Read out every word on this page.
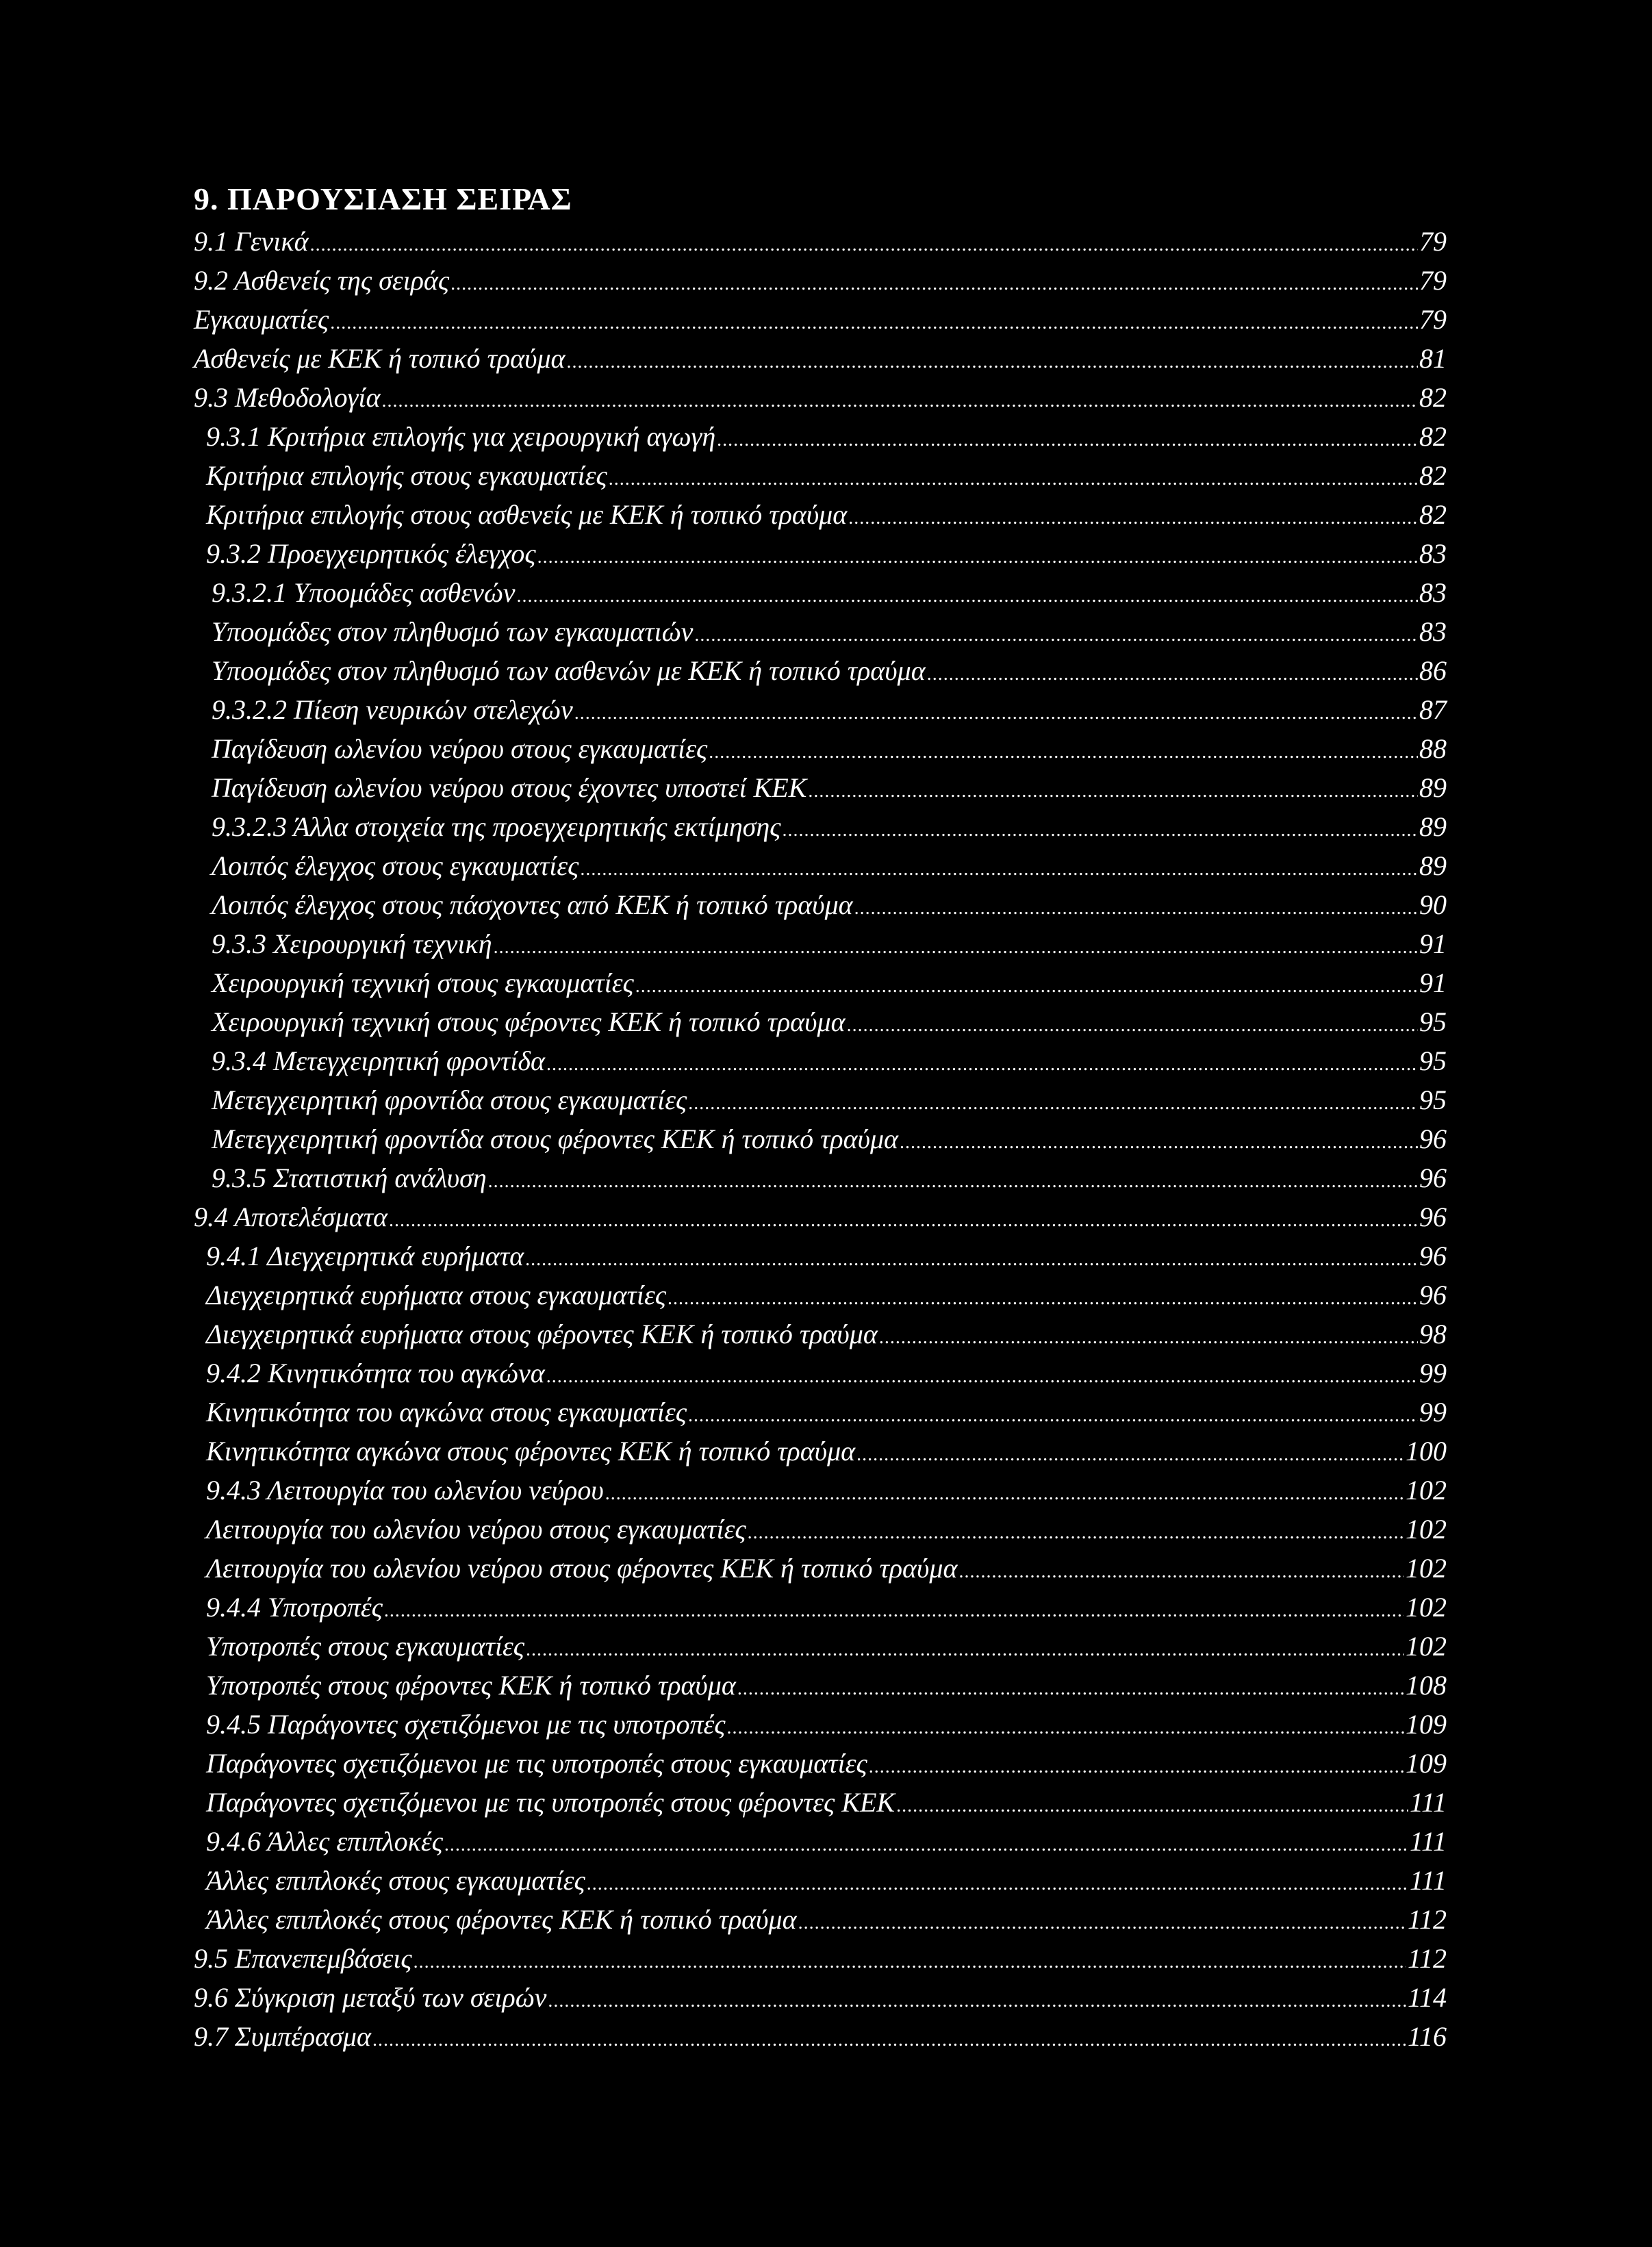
9. ΠΑΡΟΥΣΙΑΣΗ ΣΕΙΡΑΣ
9.1 Γενικά .....	79
9.2 Ασθενείς της σειράς .....	79
Εγκαυματίες .....	79
Ασθενείς με ΚΕΚ ή τοπικό τραύμα .....	81
9.3 Μεθοδολογία .....	82
9.3.1 Κριτήρια επιλογής για χειρουργική αγωγή .....	82
Κριτήρια επιλογής στους εγκαυματίες .....	82
Κριτήρια επιλογής στους ασθενείς με ΚΕΚ ή τοπικό τραύμα .....	82
9.3.2 Προεγχειρητικός έλεγχος .....	83
9.3.2.1 Υποομάδες ασθενών .....	83
Υποομάδες στον πληθυσμό των εγκαυματιών .....	83
Υποομάδες στον πληθυσμό των ασθενών με ΚΕΚ ή τοπικό τραύμα .....	86
9.3.2.2 Πίεση νευρικών στελεχών .....	87
Παγίδευση ωλενίου νεύρου στους εγκαυματίες .....	88
Παγίδευση ωλενίου νεύρου στους έχοντες υποστεί ΚΕΚ .....	89
9.3.2.3 Άλλα στοιχεία της προεγχειρητικής εκτίμησης .....	89
Λοιπός έλεγχος στους εγκαυματίες .....	89
Λοιπός έλεγχος στους πάσχοντες από ΚΕΚ ή τοπικό τραύμα .....	90
9.3.3 Χειρουργική τεχνική .....	91
Χειρουργική τεχνική στους εγκαυματίες .....	91
Χειρουργική τεχνική στους φέροντες ΚΕΚ ή τοπικό τραύμα .....	95
9.3.4 Μετεγχειρητική φροντίδα .....	95
Μετεγχειρητική φροντίδα στους εγκαυματίες .....	95
Μετεγχειρητική φροντίδα στους φέροντες ΚΕΚ ή τοπικό τραύμα .....	96
9.3.5 Στατιστική ανάλυση .....	96
9.4 Αποτελέσματα .....	96
9.4.1 Διεγχειρητικά ευρήματα .....	96
Διεγχειρητικά ευρήματα στους εγκαυματίες .....	96
Διεγχειρητικά ευρήματα στους φέροντες ΚΕΚ ή τοπικό τραύμα .....	98
9.4.2 Κινητικότητα του αγκώνα .....	99
Κινητικότητα του αγκώνα στους εγκαυματίες .....	99
Κινητικότητα αγκώνα στους φέροντες ΚΕΚ ή τοπικό τραύμα .....	100
9.4.3 Λειτουργία του ωλενίου νεύρου .....	102
Λειτουργία του ωλενίου νεύρου στους εγκαυματίες .....	102
Λειτουργία του ωλενίου νεύρου στους φέροντες ΚΕΚ ή τοπικό τραύμα .....	102
9.4.4 Υποτροπές .....	102
Υποτροπές στους εγκαυματίες .....	102
Υποτροπές στους φέροντες ΚΕΚ ή τοπικό τραύμα .....	108
9.4.5 Παράγοντες σχετιζόμενοι με τις υποτροπές .....	109
Παράγοντες σχετιζόμενοι με τις υποτροπές στους εγκαυματίες .....	109
Παράγοντες σχετιζόμενοι με τις υποτροπές στους φέροντες ΚΕΚ .....	111
9.4.6 Άλλες επιπλοκές .....	111
Άλλες επιπλοκές στους εγκαυματίες .....	111
Άλλες επιπλοκές στους φέροντες ΚΕΚ ή τοπικό τραύμα .....	112
9.5 Επανεπεμβάσεις .....	112
9.6 Σύγκριση μεταξύ των σειρών .....	114
9.7 Συμπέρασμα .....	116
